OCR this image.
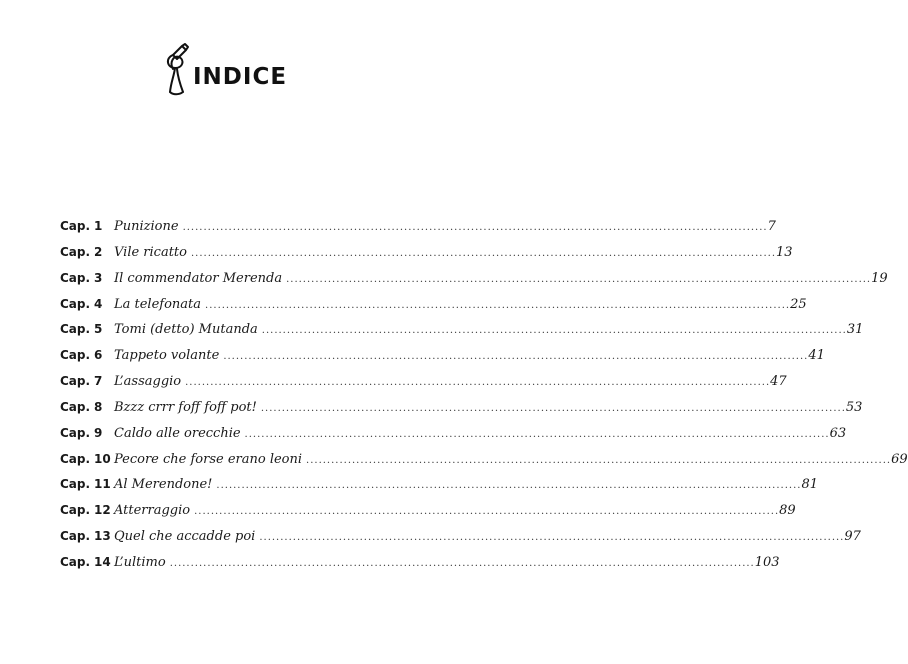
INDICE
Cap. 1 Punizione ............................................................................................................................................ 7
Cap. 2 Vile ricatto ............................................................................................................................................ 13
Cap. 3 Il commendator Merenda ............................................................................................................................................ 19
Cap. 4 La telefonata ............................................................................................................................................ 25
Cap. 5 Tomi (detto) Mutanda ............................................................................................................................................ 31
Cap. 6 Tappeto volante ............................................................................................................................................ 41
Cap. 7 L’assaggio ............................................................................................................................................ 47
Cap. 8 Bzzz crrr foff foff pot! ............................................................................................................................................ 53
Cap. 9 Caldo alle orecchie ............................................................................................................................................ 63
Cap. 10 Pecore che forse erano leoni ............................................................................................................................................ 69
Cap. 11 Al Merendone! ............................................................................................................................................ 81
Cap. 12 Atterraggio ............................................................................................................................................ 89
Cap. 13 Quel che accadde poi ............................................................................................................................................ 97
Cap. 14 L’ultimo ............................................................................................................................................ 103
